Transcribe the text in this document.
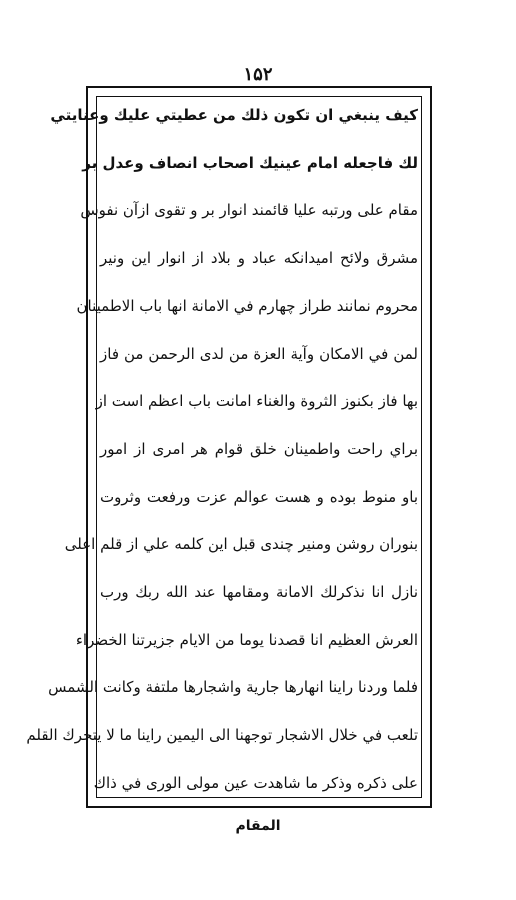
۱۵۲
كيف ينبغي ان تكون ذلك من عطيتي عليك وعنايتي
لك فاجعله امام عينيك اصحاب انصاف وعدل بر
مقام على ورتبه عليا قائمند انوار بر و تقوى ازآن نفوس
مشرق ولائح اميدانكه عباد و بلاد از انوار اين ونير
محروم نمانند طراز چهارم في الامانة انها باب الاطمينان
لمن في الامكان وآية العزة من لدى الرحمن من فاز
بها فاز بكنوز الثروة والغناء امانت باب اعظم است از
براي راحت واطمينان خلق قوام هر امرى از امور
باو منوط بوده و هست عوالم عزت ورفعت وثروت
بنوران روشن ومنير چندى قبل اين كلمه علي از قلم اعلى
نازل انا نذكرلك الامانة ومقامها عند الله ربك ورب
العرش العظيم انا قصدنا يوما من الايام جزيرتنا الخضراء
فلما وردنا راينا انهارها جارية واشجارها ملتفة وكانت الشمس
تلعب في خلال الاشجار توجهنا الى اليمين راينا ما لا يتحرك القلم
على ذكره وذكر ما شاهدت عين مولى الورى في ذاك
المقام
